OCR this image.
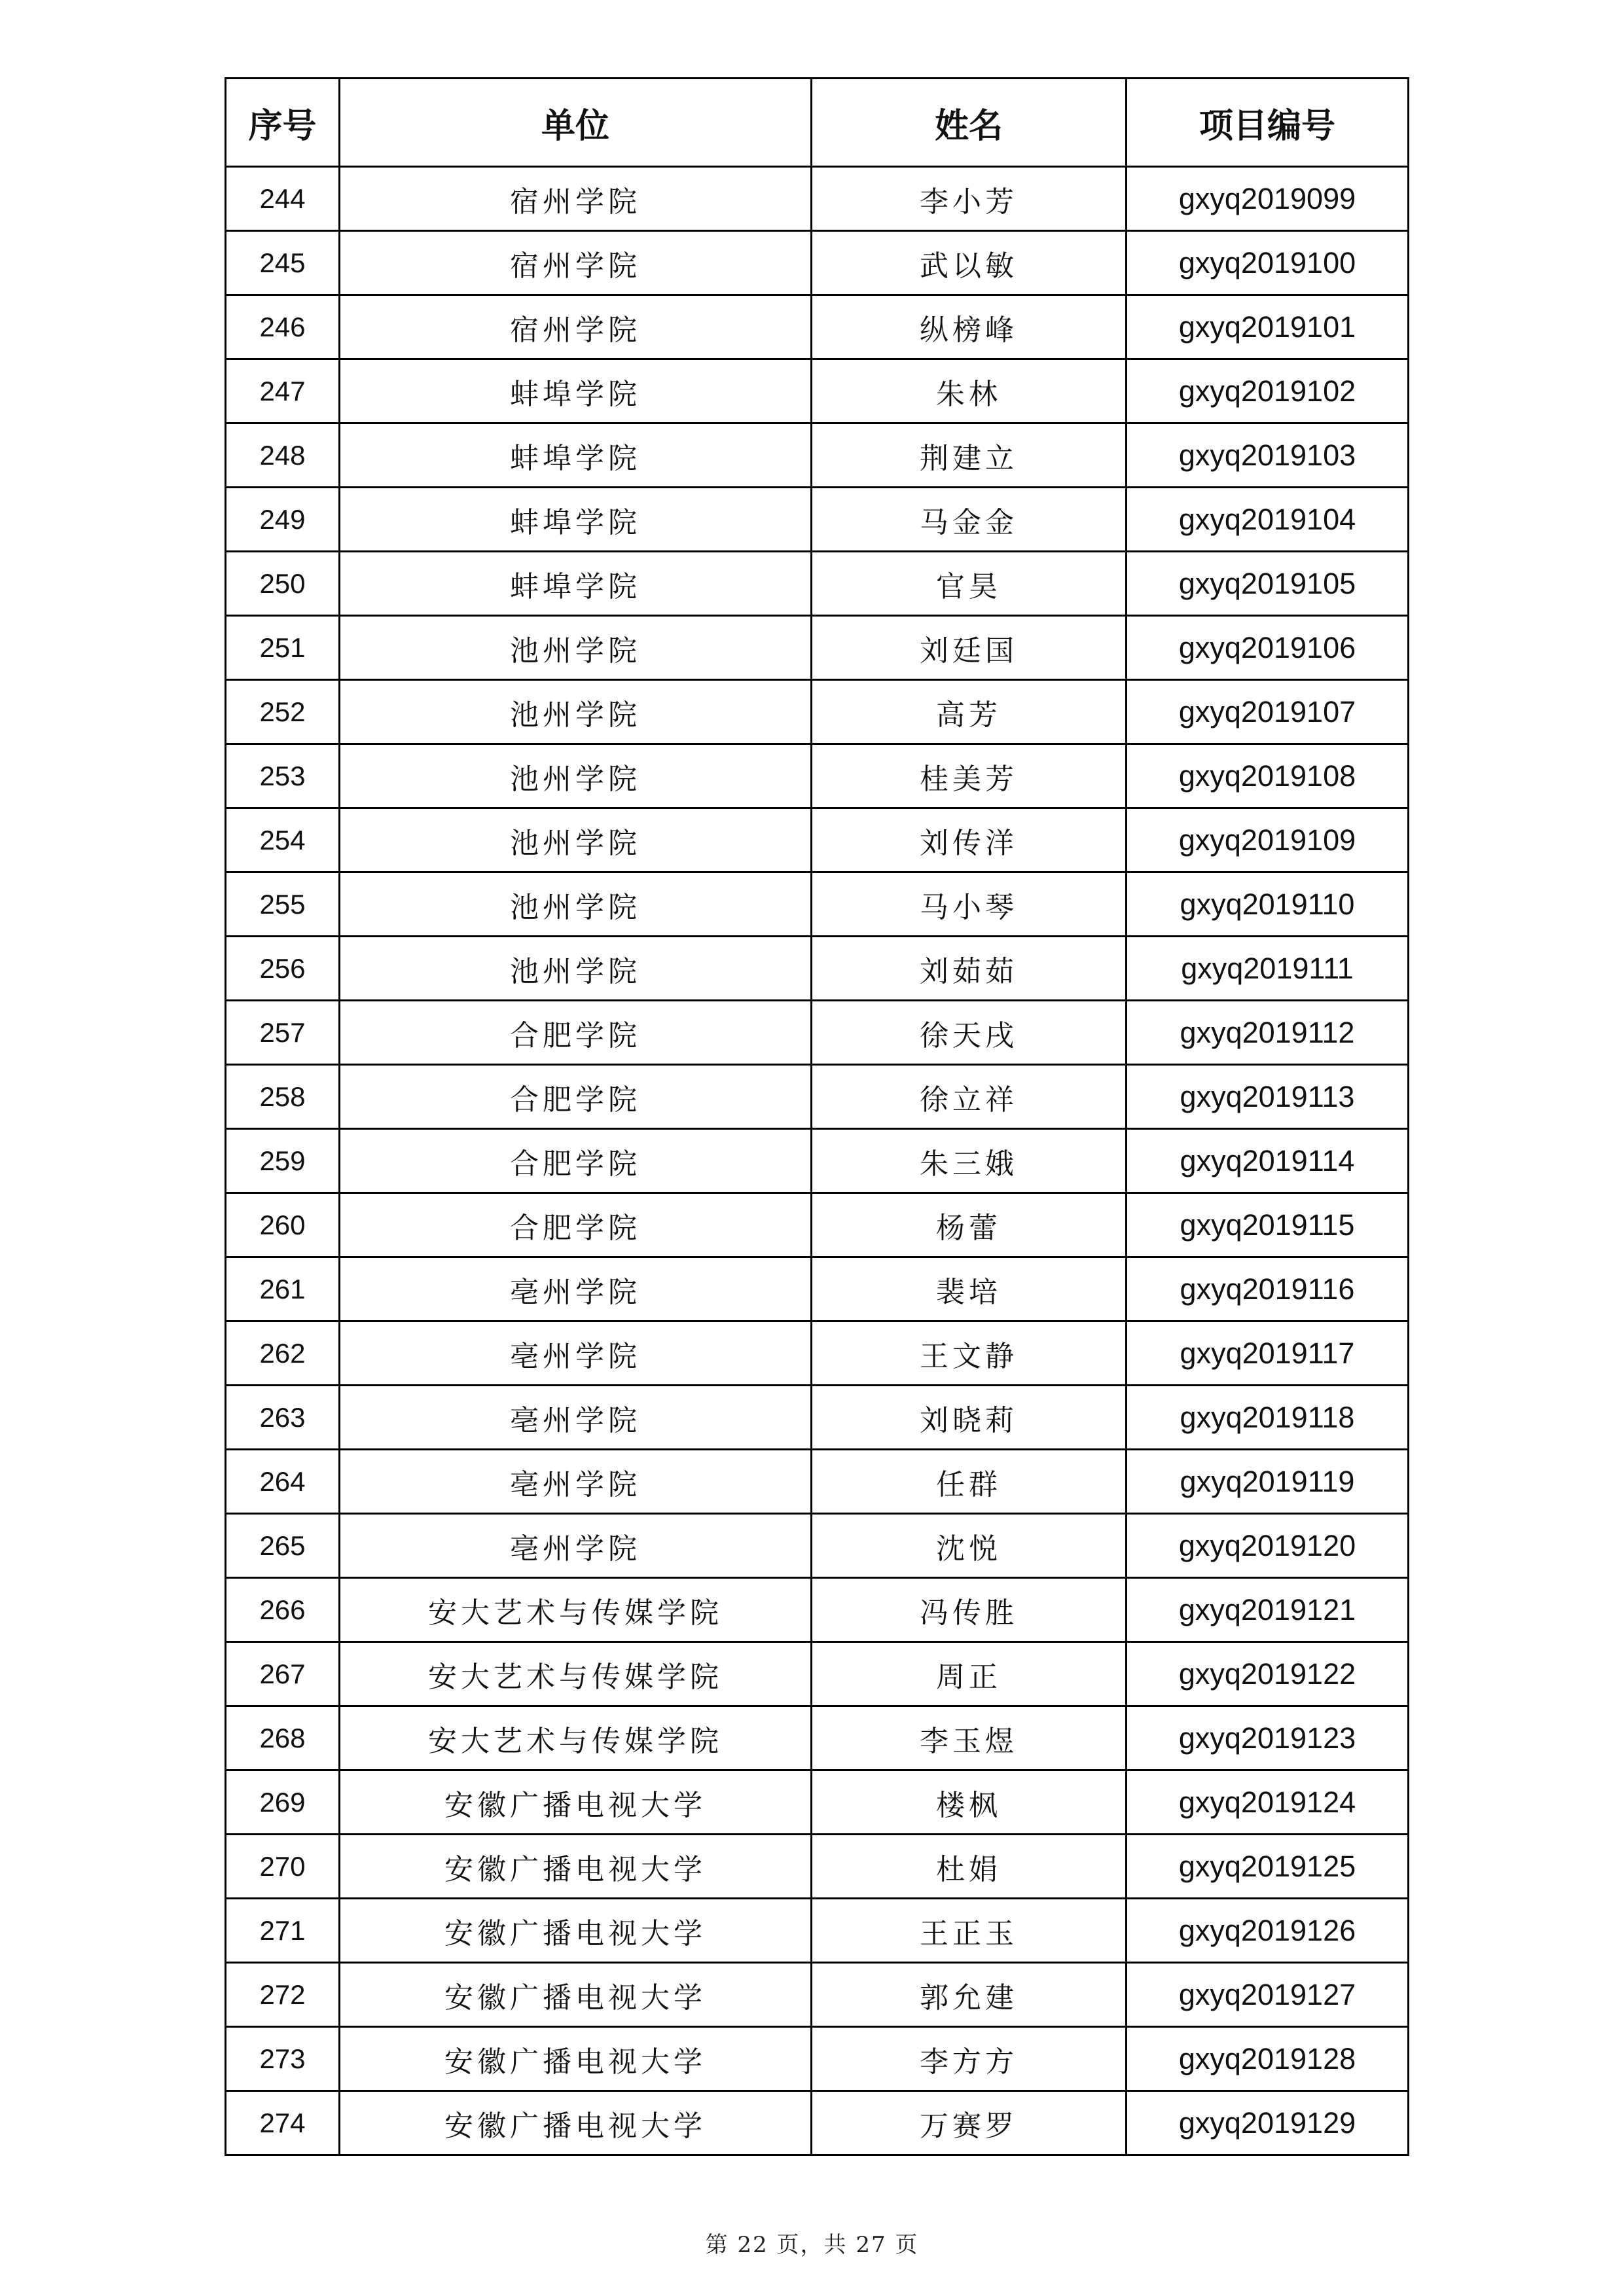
序号	单位	姓名	项目编号
244	宿州学院	李小芳	gxyq2019099
245	宿州学院	武以敏	gxyq2019100
246	宿州学院	纵榜峰	gxyq2019101
247	蚌埠学院	朱林	gxyq2019102
248	蚌埠学院	荆建立	gxyq2019103
249	蚌埠学院	马金金	gxyq2019104
250	蚌埠学院	官昊	gxyq2019105
251	池州学院	刘廷国	gxyq2019106
252	池州学院	高芳	gxyq2019107
253	池州学院	桂美芳	gxyq2019108
254	池州学院	刘传洋	gxyq2019109
255	池州学院	马小琴	gxyq2019110
256	池州学院	刘茹茹	gxyq2019111
257	合肥学院	徐天戌	gxyq2019112
258	合肥学院	徐立祥	gxyq2019113
259	合肥学院	朱三娥	gxyq2019114
260	合肥学院	杨蕾	gxyq2019115
261	亳州学院	裴培	gxyq2019116
262	亳州学院	王文静	gxyq2019117
263	亳州学院	刘晓莉	gxyq2019118
264	亳州学院	任群	gxyq2019119
265	亳州学院	沈悦	gxyq2019120
266	安大艺术与传媒学院	冯传胜	gxyq2019121
267	安大艺术与传媒学院	周正	gxyq2019122
268	安大艺术与传媒学院	李玉煜	gxyq2019123
269	安徽广播电视大学	楼枫	gxyq2019124
270	安徽广播电视大学	杜娟	gxyq2019125
271	安徽广播电视大学	王正玉	gxyq2019126
272	安徽广播电视大学	郭允建	gxyq2019127
273	安徽广播电视大学	李方方	gxyq2019128
274	安徽广播电视大学	万赛罗	gxyq2019129
第 22 页，共 27 页
